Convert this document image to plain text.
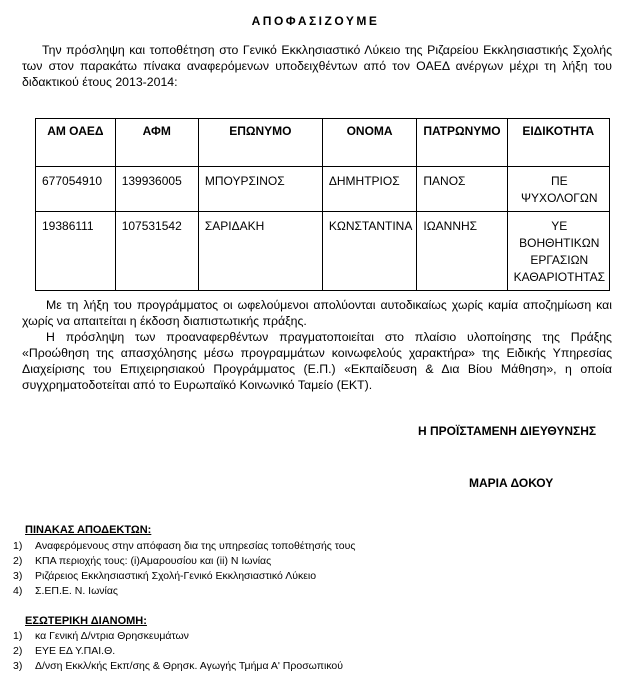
ΑΠΟΦΑΣΙΖΟΥΜΕ
Την πρόσληψη και τοποθέτηση στο Γενικό Εκκλησιαστικό Λύκειο της Ριζαρείου Εκκλησιαστικής Σχολής των στον παρακάτω πίνακα αναφερόμενων υποδειχθέντων από τον ΟΑΕΔ ανέργων μέχρι τη λήξη του διδακτικού έτους 2013-2014:
ΑΜ ΟΑΕΔ	ΑΦΜ	ΕΠΩΝΥΜΟ	ΟΝΟΜΑ	ΠΑΤΡΩΝΥΜΟ	ΕΙΔΙΚΟΤΗΤΑ
677054910	139936005	ΜΠΟΥΡΣΙΝΟΣ	ΔΗΜΗΤΡΙΟΣ	ΠΑΝΟΣ	ΠΕ ΨΥΧΟΛΟΓΩΝ
19386111	107531542	ΣΑΡΙΔΑΚΗ	ΚΩΝΣΤΑΝΤΙΝΑ	ΙΩΑΝΝΗΣ	ΥΕ ΒΟΗΘΗΤΙΚΩΝ ΕΡΓΑΣΙΩΝ ΚΑΘΑΡΙΟΤΗΤΑΣ

Με τη λήξη του προγράμματος οι ωφελούμενοι απολύονται αυτοδικαίως χωρίς καμία αποζημίωση και χωρίς να απαιτείται η έκδοση διαπιστωτικής πράξης.

Η πρόσληψη των προαναφερθέντων πραγματοποιείται στο πλαίσιο υλοποίησης της Πράξης «Προώθηση της απασχόλησης μέσω προγραμμάτων κοινωφελούς χαρακτήρα» της Ειδικής Υπηρεσίας Διαχείρισης του Επιχειρησιακού Προγράμματος (Ε.Π.) «Εκπαίδευση & Δια Βίου Μάθηση», η οποία συγχρηματοδοτείται από το Ευρωπαϊκό Κοινωνικό Ταμείο (ΕΚΤ).

Η ΠΡΟΪΣΤΑΜΕΝΗ ΔΙΕΥΘΥΝΣΗΣ
ΜΑΡΙΑ ΔΟΚΟΥ
ΠΙΝΑΚΑΣ ΑΠΟΔΕΚΤΩΝ:
1) Αναφερόμενους στην απόφαση δια της υπηρεσίας τοποθέτησής τους
2) ΚΠΑ περιοχής τους: (i)Αμαρουσίου και (ii) Ν Ιωνίας
3) Ριζάρειος Εκκλησιαστική Σχολή-Γενικό Εκκλησιαστικό Λύκειο
4) Σ.ΕΠ.Ε. Ν. Ιωνίας
ΕΣΩΤΕΡΙΚΗ ΔΙΑΝΟΜΗ:
1) κα Γενική Δ/ντρια Θρησκευμάτων
2) ΕΥΕ ΕΔ Υ.ΠΑΙ.Θ.
3) Δ/νση Εκκλ/κής Εκπ/σης & Θρησκ. Αγωγής Τμήμα Α' Προσωπικού
